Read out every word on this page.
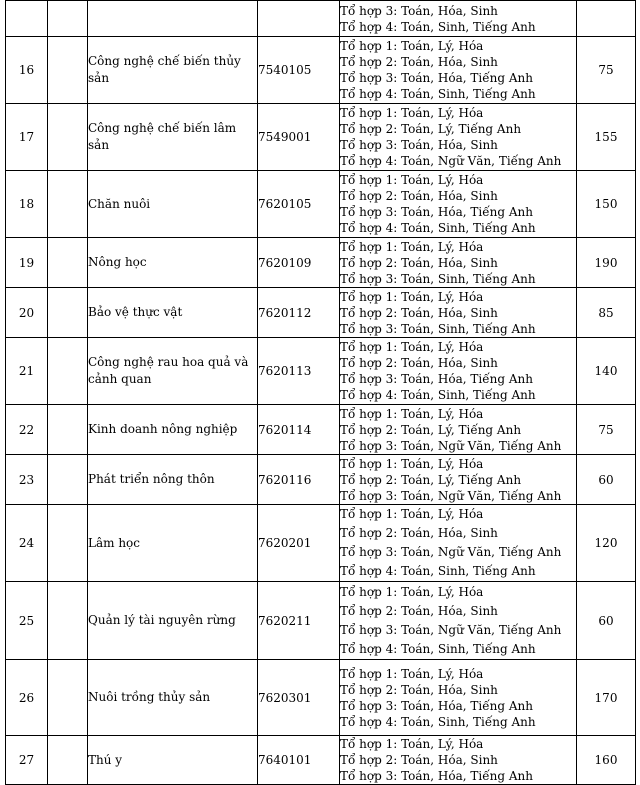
				Tổ hợp 3: Toán, Hóa, Sinh
Tổ hợp 4: Toán, Sinh, Tiếng Anh	

16		Công nghệ chế biến thủy sản	7540105	Tổ hợp 1: Toán, Lý, Hóa
Tổ hợp 2: Toán, Hóa, Sinh
Tổ hợp 3: Toán, Hóa, Tiếng Anh
Tổ hợp 4: Toán, Sinh, Tiếng Anh	75
17		Công nghệ chế biến lâm sản	7549001	Tổ hợp 1: Toán, Lý, Hóa
Tổ hợp 2: Toán, Lý, Tiếng Anh
Tổ hợp 3: Toán, Hóa, Sinh
Tổ hợp 4: Toán, Ngữ Văn, Tiếng Anh	155
18		Chăn nuôi	7620105	Tổ hợp 1: Toán, Lý, Hóa
Tổ hợp 2: Toán, Hóa, Sinh
Tổ hợp 3: Toán, Hóa, Tiếng Anh
Tổ hợp 4: Toán, Sinh, Tiếng Anh	150
19		Nông học	7620109	Tổ hợp 1: Toán, Lý, Hóa
Tổ hợp 2: Toán, Hóa, Sinh
Tổ hợp 3: Toán, Sinh, Tiếng Anh	190
20		Bảo vệ thực vật	7620112	Tổ hợp 1: Toán, Lý, Hóa
Tổ hợp 2: Toán, Hóa, Sinh
Tổ hợp 3: Toán, Sinh, Tiếng Anh	85
21		Công nghệ rau hoa quả và cảnh quan	7620113	Tổ hợp 1: Toán, Lý, Hóa
Tổ hợp 2: Toán, Hóa, Sinh
Tổ hợp 3: Toán, Hóa, Tiếng Anh
Tổ hợp 4: Toán, Sinh, Tiếng Anh	140
22		Kinh doanh nông nghiệp	7620114	Tổ hợp 1: Toán, Lý, Hóa
Tổ hợp 2: Toán, Lý, Tiếng Anh
Tổ hợp 3: Toán, Ngữ Văn, Tiếng Anh	75
23		Phát triển nông thôn	7620116	Tổ hợp 1: Toán, Lý, Hóa
Tổ hợp 2: Toán, Lý, Tiếng Anh
Tổ hợp 3: Toán, Ngữ Văn, Tiếng Anh	60
24		Lâm học	7620201	Tổ hợp 1: Toán, Lý, Hóa
Tổ hợp 2: Toán, Hóa, Sinh
Tổ hợp 3: Toán, Ngữ Văn, Tiếng Anh
Tổ hợp 4: Toán, Sinh, Tiếng Anh	120
25		Quản lý tài nguyên rừng	7620211	Tổ hợp 1: Toán, Lý, Hóa
Tổ hợp 2: Toán, Hóa, Sinh
Tổ hợp 3: Toán, Ngữ Văn, Tiếng Anh
Tổ hợp 4: Toán, Sinh, Tiếng Anh	60
26		Nuôi trồng thủy sản	7620301	Tổ hợp 1: Toán, Lý, Hóa
Tổ hợp 2: Toán, Hóa, Sinh
Tổ hợp 3: Toán, Hóa, Tiếng Anh
Tổ hợp 4: Toán, Sinh, Tiếng Anh	170
27		Thú y	7640101	Tổ hợp 1: Toán, Lý, Hóa
Tổ hợp 2: Toán, Hóa, Sinh
Tổ hợp 3: Toán, Hóa, Tiếng Anh	160
